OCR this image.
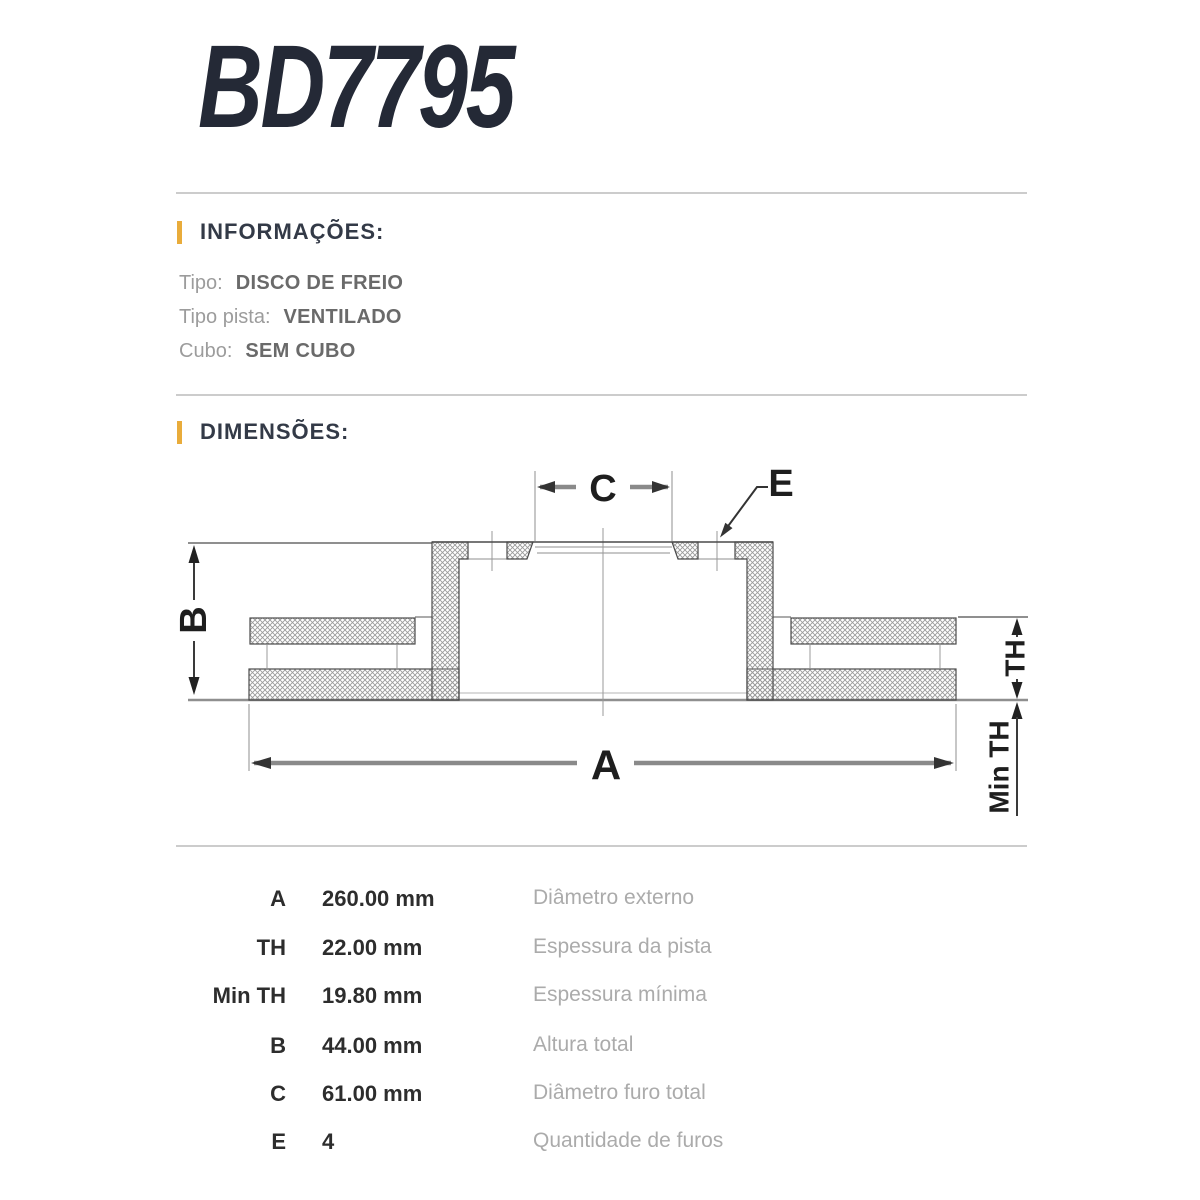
BD7795
INFORMAÇÕES:
Tipo: DISCO DE FREIO
Tipo pista: VENTILADO
Cubo: SEM CUBO
DIMENSÕES:
C	E
B
A
TH
Min TH
A 260.00 mm	Diâmetro externo
TH 22.00 mm	Espessura da pista
Min TH 19.80 mm	Espessura mínima
B 44.00 mm	Altura total
C 61.00 mm	Diâmetro furo total
E 4	Quantidade de furos
